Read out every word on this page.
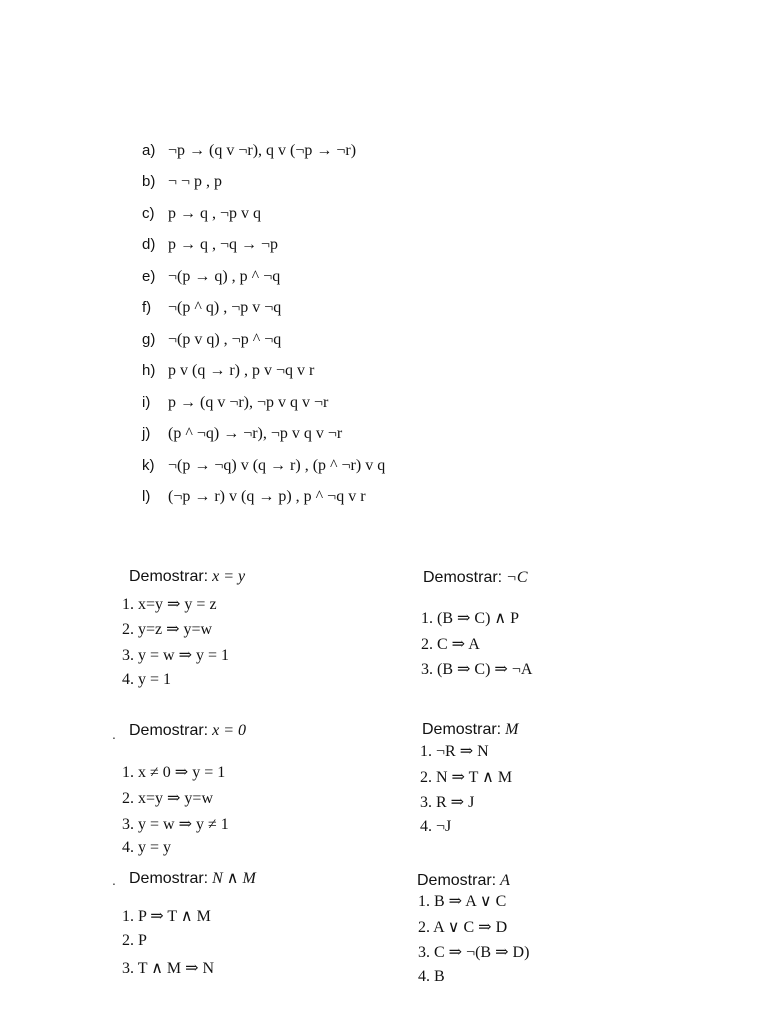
a) ¬p → (q v ¬r), q v (¬p → ¬r)
b) ¬ ¬ p , p
c) p → q , ¬p v q
d) p → q , ¬q → ¬p
e) ¬(p → q) , p ^ ¬q
f)	¬(p ^ q) , ¬p v ¬q
g) ¬(p v q) , ¬p ^ ¬q
h) p v (q → r) , p v ¬q v r
i)	p → (q v ¬r), ¬p v q v ¬r
j)	(p ^ ¬q) → ¬r), ¬p v q v ¬r
k) ¬(p → ¬q) v (q → r) , (p ^ ¬r) v q
l)	(¬p → r) v (q → p) , p ^ ¬q v r
Demostrar: x = y
1. x=y ⇒ y = z
2. y=z ⇒ y=w
3. y = w ⇒ y = 1
4. y = 1
Demostrar: ¬C
1. (B ⇒ C) ∧ P
2. C ⇒ A
3. (B ⇒ C) ⇒ ¬A
. Demostrar: x = 0
1. x ≠ 0 ⇒ y = 1
2. x=y ⇒ y=w
3. y = w ⇒ y ≠ 1
4. y = y
Demostrar: M
1. ¬R ⇒ N
2. N ⇒ T ∧ M
3. R ⇒ J
4. ¬J
. Demostrar: N ∧ M
1. P ⇒ T ∧ M
2. P
3. T ∧ M ⇒ N
Demostrar: A
1. B ⇒ A ∨ C
2. A ∨ C ⇒ D
3. C ⇒ ¬(B ⇒ D)
4. B
